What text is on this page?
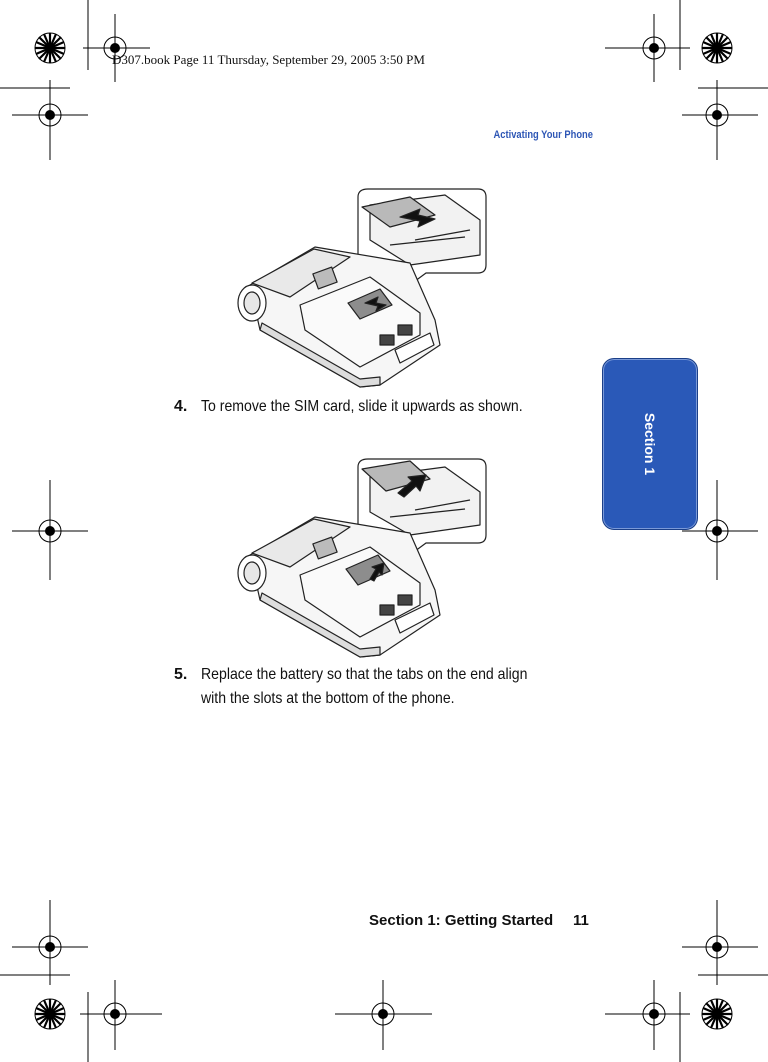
D307.book Page 11 Thursday, September 29, 2005 3:50 PM
Activating Your Phone
Section 1
4. To remove the SIM card, slide it upwards as shown.
5. Replace the battery so that the tabs on the end align with the slots at the bottom of the phone.
Section 1: Getting Started 11
